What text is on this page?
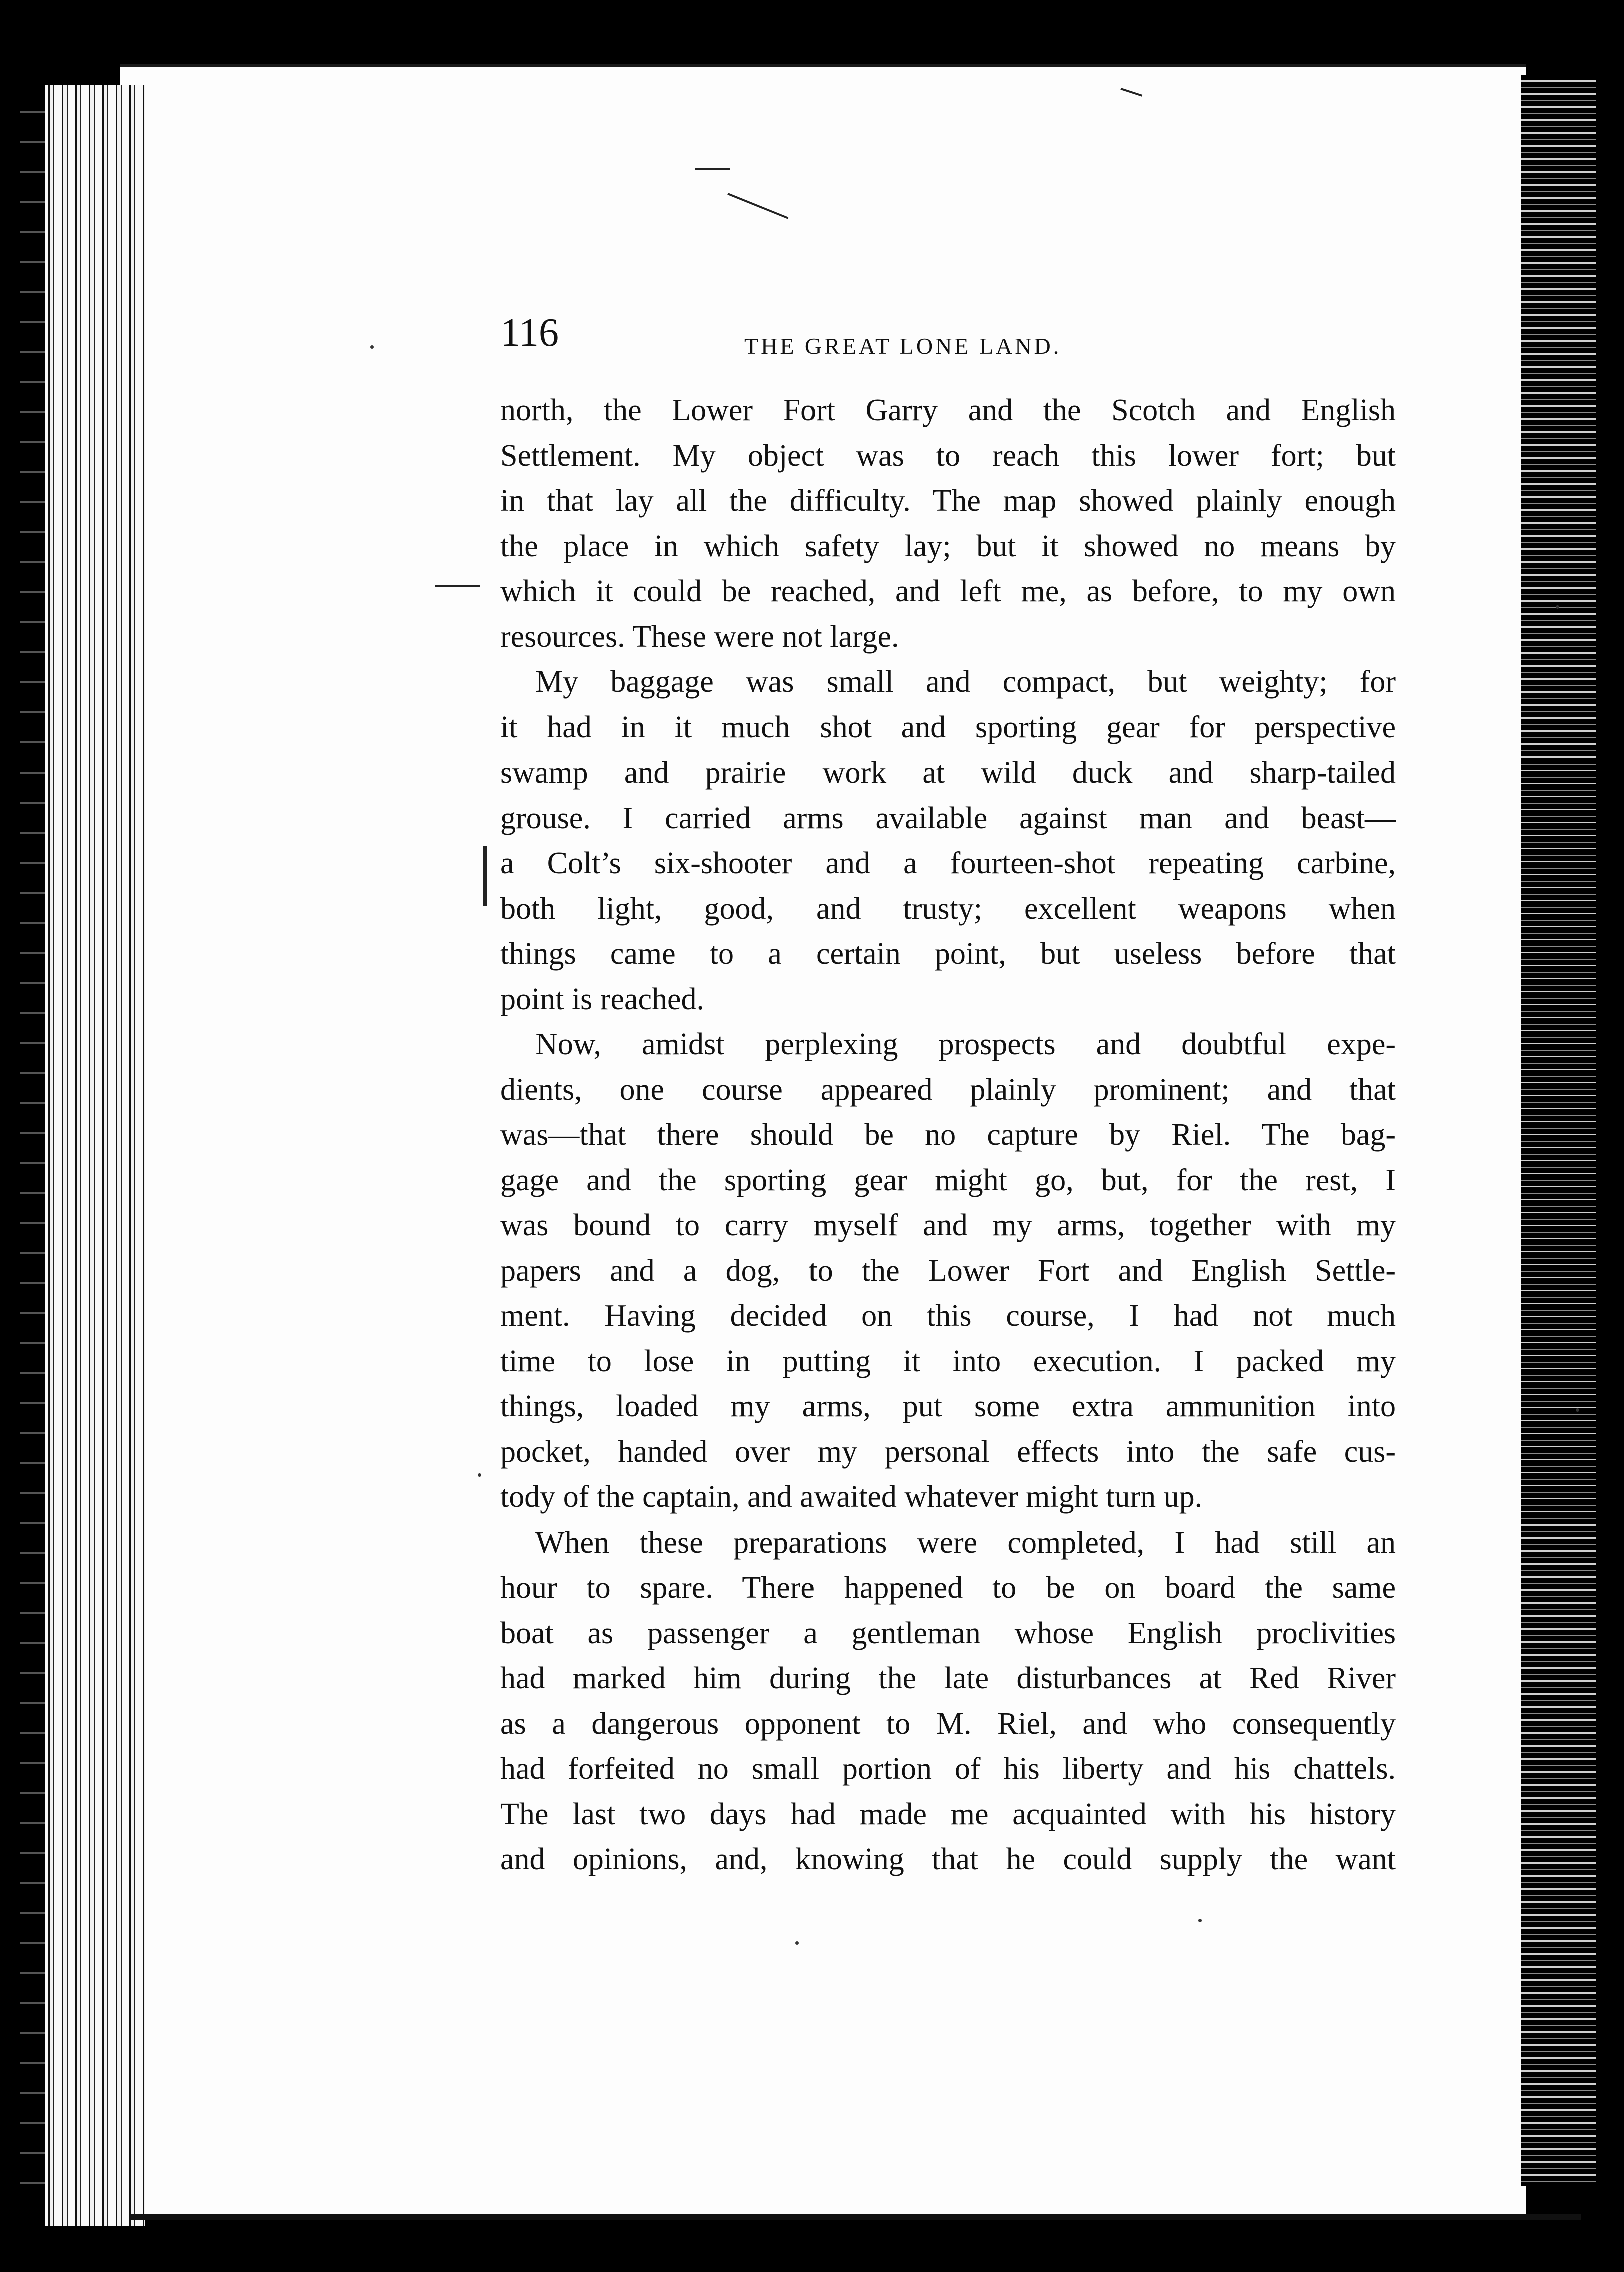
116	THE GREAT LONE LAND.
north, the Lower Fort Garry and the Scotch and English
Settlement. My object was to reach this lower fort; but
in that lay all the difficulty. The map showed plainly enough
the place in which safety lay; but it showed no means by
which it could be reached, and left me, as before, to my own
resources. These were not large.
My baggage was small and compact, but weighty; for
it had in it much shot and sporting gear for perspective
swamp and prairie work at wild duck and sharp-tailed
grouse. I carried arms available against man and beast—
a Colt’s six-shooter and a fourteen-shot repeating carbine,
both light, good, and trusty; excellent weapons when
things came to a certain point, but useless before that
point is reached.
Now, amidst perplexing prospects and doubtful expe-
dients, one course appeared plainly prominent; and that
was—that there should be no capture by Riel. The bag-
gage and the sporting gear might go, but, for the rest, I
was bound to carry myself and my arms, together with my
papers and a dog, to the Lower Fort and English Settle-
ment. Having decided on this course, I had not much
time to lose in putting it into execution. I packed my
things, loaded my arms, put some extra ammunition into
pocket, handed over my personal effects into the safe cus-
tody of the captain, and awaited whatever might turn up.
When these preparations were completed, I had still an
hour to spare. There happened to be on board the same
boat as passenger a gentleman whose English proclivities
had marked him during the late disturbances at Red River
as a dangerous opponent to M. Riel, and who consequently
had forfeited no small portion of his liberty and his chattels.
The last two days had made me acquainted with his history
and opinions, and, knowing that he could supply the want
